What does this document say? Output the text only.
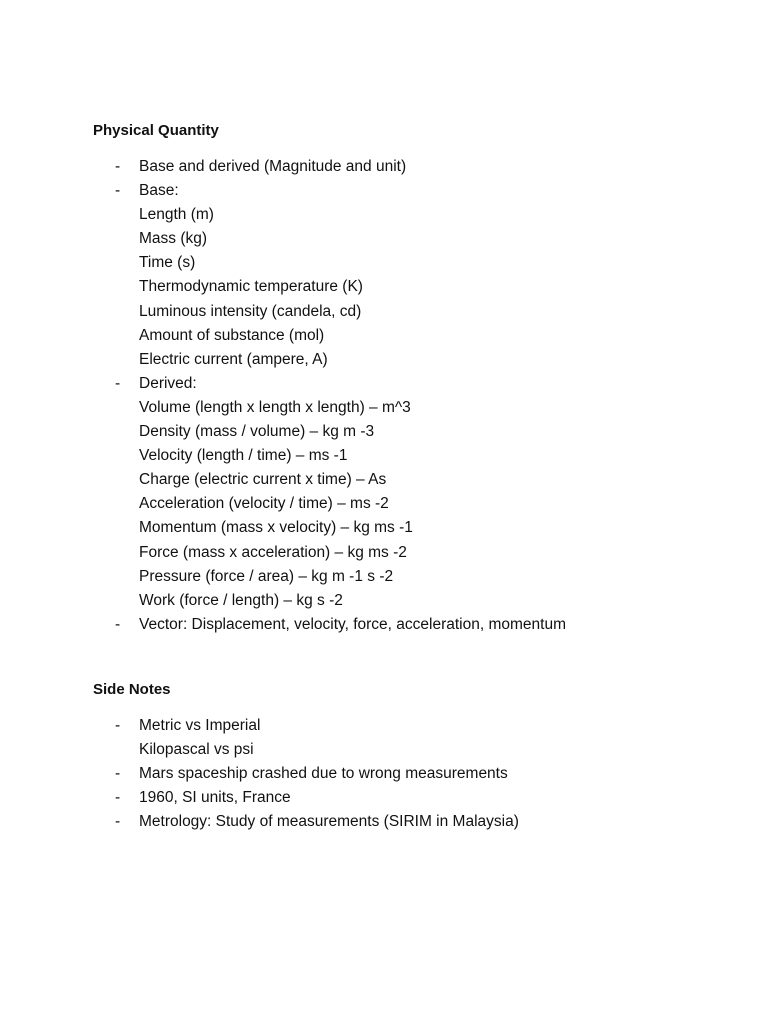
Physical Quantity
- Base and derived (Magnitude and unit)
- Base:
Length (m)
Mass (kg)
Time (s)
Thermodynamic temperature (K)
Luminous intensity (candela, cd)
Amount of substance (mol)
Electric current (ampere, A)
- Derived:
Volume (length x length x length) – m^3
Density (mass / volume) – kg m -3
Velocity (length / time) – ms -1
Charge (electric current x time) – As
Acceleration (velocity / time) – ms -2
Momentum (mass x velocity) – kg ms -1
Force (mass x acceleration) – kg ms -2
Pressure (force / area) – kg m -1 s -2
Work (force / length) – kg s -2
- Vector: Displacement, velocity, force, acceleration, momentum
Side Notes
- Metric vs Imperial
Kilopascal vs psi
- Mars spaceship crashed due to wrong measurements
- 1960, SI units, France
- Metrology: Study of measurements (SIRIM in Malaysia)
